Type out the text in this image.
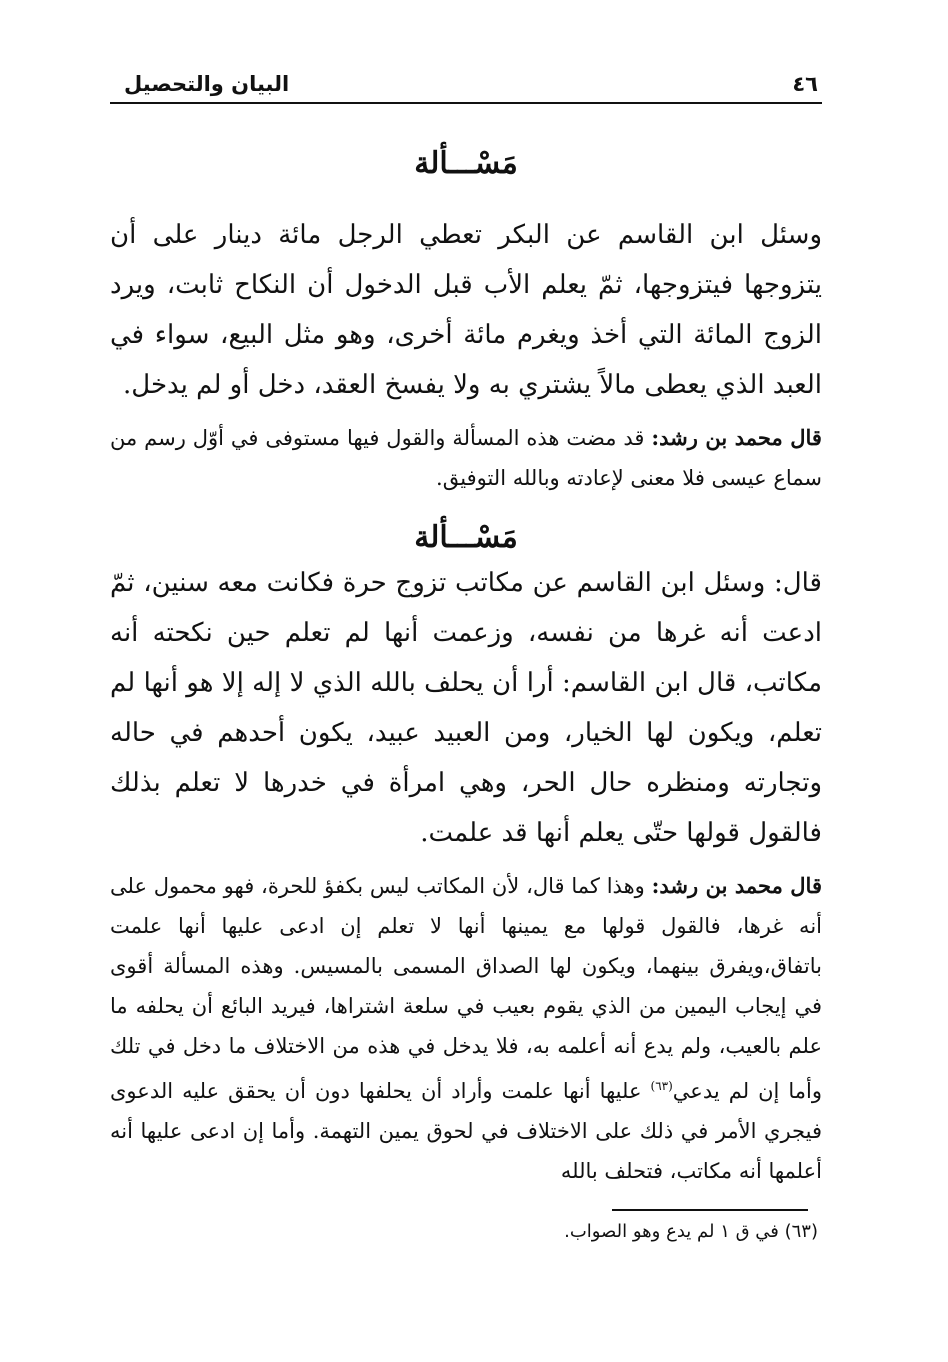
٤٦
البيان والتحصيل
مَسْـــألة

وسئل ابن القاسم عن البكر تعطي الرجل مائة دينار على أن يتزوجها فيتزوجها، ثمّ يعلم الأب قبل الدخول أن النكاح ثابت، ويرد الزوج المائة التي أخذ ويغرم مائة أخرى، وهو مثل البيع، سواء في العبد الذي يعطى مالاً يشتري به ولا يفسخ العقد، دخل أو لم يدخل.

قال محمد بن رشد: قد مضت هذه المسألة والقول فيها مستوفى في أوّل رسم من سماع عيسى فلا معنى لإعادته وبالله التوفيق.

مَسْـــألة

قال: وسئل ابن القاسم عن مكاتب تزوج حرة فكانت معه سنين، ثمّ ادعت أنه غرها من نفسه، وزعمت أنها لم تعلم حين نكحته أنه مكاتب، قال ابن القاسم: أرا أن يحلف بالله الذي لا إله إلا هو أنها لم تعلم، ويكون لها الخيار، ومن العبيد عبيد، يكون أحدهم في حاله وتجارته ومنظره حال الحر، وهي امرأة في خدرها لا تعلم بذلك فالقول قولها حتّى يعلم أنها قد علمت.

قال محمد بن رشد: وهذا كما قال، لأن المكاتب ليس بكفؤ للحرة، فهو محمول على أنه غرها، فالقول قولها مع يمينها أنها لا تعلم إن ادعى عليها أنها علمت باتفاق،ويفرق بينهما، ويكون لها الصداق المسمى بالمسيس. وهذه المسألة أقوى في إيجاب اليمين من الذي يقوم بعيب في سلعة اشتراها، فيريد البائع أن يحلفه ما علم بالعيب، ولم يدع أنه أعلمه به، فلا يدخل في هذه من الاختلاف ما دخل في تلك وأما إن لم يدعي$^{(٦٣)}$ عليها أنها علمت وأراد أن يحلفها دون أن يحقق عليه الدعوى فيجري الأمر في ذلك على الاختلاف في لحوق يمين التهمة. وأما إن ادعى عليها أنه أعلمها أنه مكاتب، فتحلف بالله

(٦٣) في ق ١ لم يدع وهو الصواب.
